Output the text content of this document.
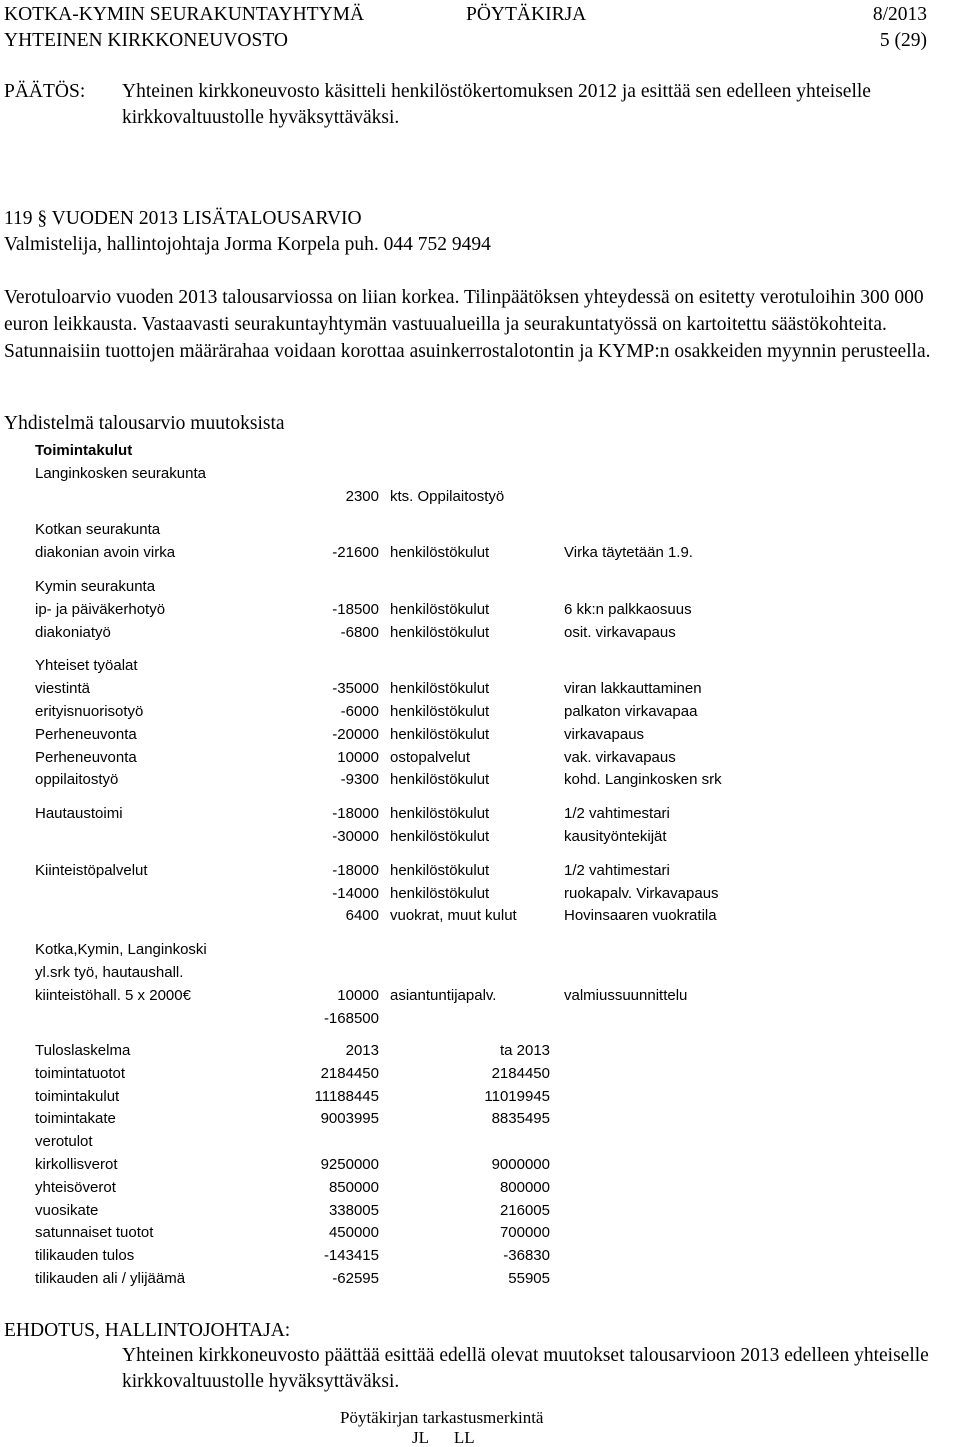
KOTKA-KYMIN SEURAKUNTAYHTYMÄ
YHTEINEN KIRKKONEUVOSTO
PÖYTÄKIRJA	8/2013
5 (29)
PÄÄTÖS: Yhteinen kirkkoneuvosto käsitteli henkilöstökertomuksen 2012 ja esittää sen edelleen yhteiselle kirkkovaltuustolle hyväksyttäväksi.
119 § VUODEN 2013 LISÄTALOUSARVIO
Valmistelija, hallintojohtaja Jorma Korpela puh. 044 752 9494
Verotuloarvio vuoden 2013 talousarviossa on liian korkea. Tilinpäätöksen yhteydessä on esitetty verotuloihin 300 000 euron leikkausta. Vastaavasti seurakuntayhtymän vastuualueilla ja seurakuntatyössä on kartoitettu säästökohteita. Satunnaisiin tuottojen määrärahaa voidaan korottaa asuinkerrostalotontin ja KYMP:n osakkeiden myynnin perusteella.
Yhdistelmä talousarvio muutoksista
Toimintakulut
Langinkosken seurakunta
2300 kts. Oppilaitostyö
Kotkan seurakunta
diakonian avoin virka	-21600 henkilöstökulut	Virka täytetään 1.9.
Kymin seurakunta
ip- ja päiväkerhotyö	-18500 henkilöstökulut	6 kk:n palkkaosuus
diakoniatyö	-6800 henkilöstökulut	osit. virkavapaus
Yhteiset työalat
viestintä	-35000 henkilöstökulut	viran lakkauttaminen
erityisnuorisotyö	-6000 henkilöstökulut	palkaton virkavapaa
Perheneuvonta	-20000 henkilöstökulut	virkavapaus
Perheneuvonta	10000 ostopalvelut	vak. virkavapaus
oppilaitostyö	-9300 henkilöstökulut	kohd. Langinkosken srk
Hautaustoimi	-18000 henkilöstökulut	1/2 vahtimestari
-30000 henkilöstökulut	kausityöntekijät
Kiinteistöpalvelut	-18000 henkilöstökulut	1/2 vahtimestari
-14000 henkilöstökulut	ruokapalv. Virkavapaus
6400 vuokrat, muut kulut	Hovinsaaren vuokratila
Kotka,Kymin, Langinkoski
yl.srk työ, hautaushall.
kiinteistöhall. 5 x 2000€	10000 asiantuntijapalv.	valmiussuunnittelu
-168500
Tuloslaskelma	2013	ta 2013
toimintatuotot	2184450	2184450
toimintakulut	11188445	11019945
toimintakate	9003995	8835495
verotulot
kirkollisverot	9250000	9000000
yhteisöverot	850000	800000
vuosikate	338005	216005
satunnaiset tuotot	450000	700000
tilikauden tulos	-143415	-36830
tilikauden ali / ylijäämä	-62595	55905
EHDOTUS, HALLINTOJOHTAJA:
Yhteinen kirkkoneuvosto päättää esittää edellä olevat muutokset talousarvioon 2013 edelleen yhteiselle kirkkovaltuustolle hyväksyttäväksi.
Pöytäkirjan tarkastusmerkintä
JL      LL
